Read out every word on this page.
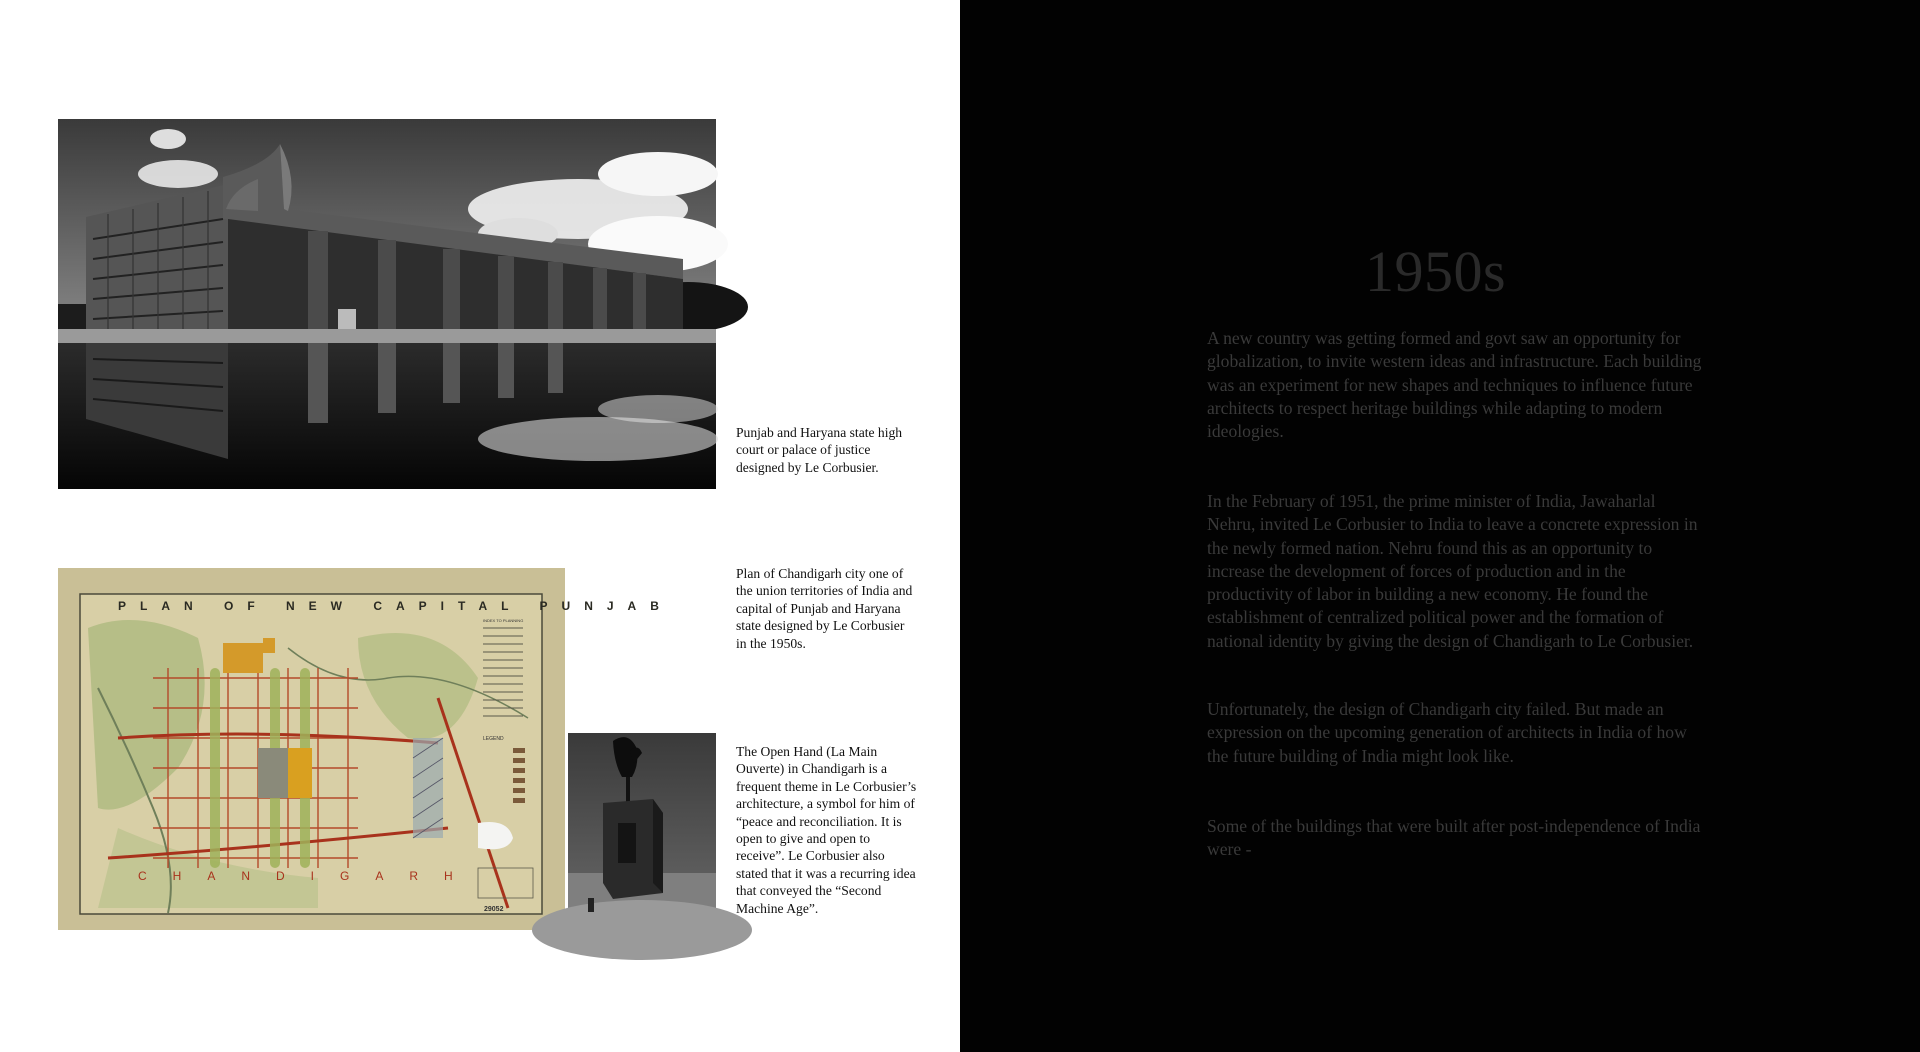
Punjab and Haryana state high court or palace of justice designed by Le Corbusier.
PLAN OF NEW CAPITAL PUNJAB
INDEX TO PLANNING
LEGEND
CHANDIGARH
29052
Plan of Chandigarh city one of the union territories of India and capital of Punjab and Haryana state designed by Le Corbusier in the 1950s.
The Open Hand (La Main Ouverte) in Chandigarh is a frequent theme in Le Corbusier’s architecture, a symbol for him of “peace and reconciliation. It is open to give and open to receive”. Le Corbusier also stated that it was a recurring idea that conveyed the “Second Machine Age”.
1950s

A new country was getting formed and govt saw an opportunity for globalization, to invite western ideas and infrastructure. Each building was an experiment for new shapes and techniques to influence future architects to respect heritage buildings while adapting to modern ideologies.

In the February of 1951, the prime minister of India, Jawaharlal Nehru, invited Le Corbusier to India to leave a concrete expression in the newly formed nation. Nehru found this as an opportunity to increase the development of forces of production and in the productivity of labor in building a new economy. He found the establishment of centralized political power and the formation of national identity by giving the design of Chandigarh to Le Corbusier.

Unfortunately, the design of Chandigarh city failed. But made an expression on the upcoming generation of architects in India of how the future building of India might look like.

Some of the buildings that were built after post-independence of India were -
